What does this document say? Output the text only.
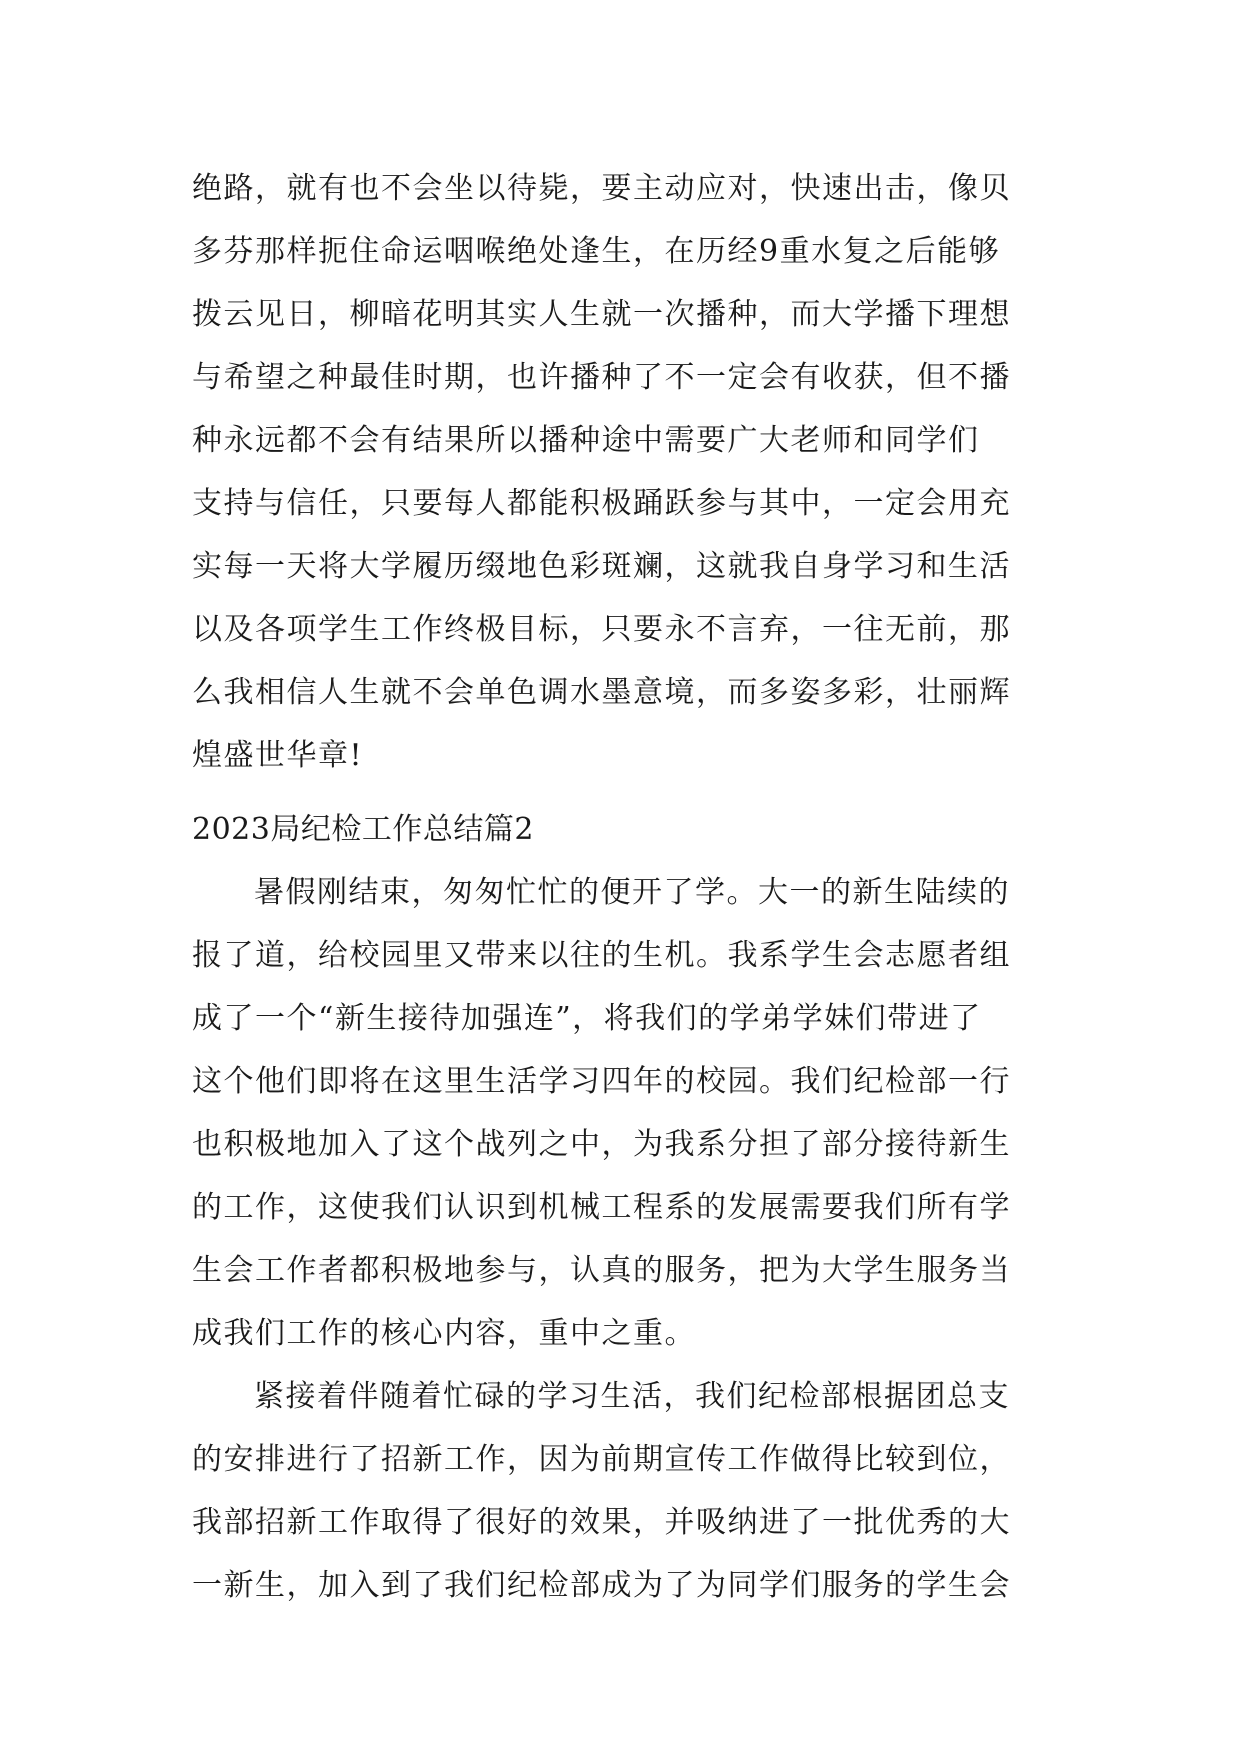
绝路，就有也不会坐以待毙，要主动应对，快速出击，像贝
多芬那样扼住命运咽喉绝处逢生，在历经9重水复之后能够
拨云见日，柳暗花明其实人生就一次播种，而大学播下理想
与希望之种最佳时期，也许播种了不一定会有收获，但不播
种永远都不会有结果所以播种途中需要广大老师和同学们
支持与信任，只要每人都能积极踊跃参与其中，一定会用充
实每一天将大学履历缀地色彩斑斓，这就我自身学习和生活
以及各项学生工作终极目标，只要永不言弃，一往无前，那
么我相信人生就不会单色调水墨意境，而多姿多彩，壮丽辉
煌盛世华章!
2023局纪检工作总结篇2
暑假刚结束，匆匆忙忙的便开了学。大一的新生陆续的
报了道，给校园里又带来以往的生机。我系学生会志愿者组
成了一个“新生接待加强连”，将我们的学弟学妹们带进了
这个他们即将在这里生活学习四年的校园。我们纪检部一行
也积极地加入了这个战列之中，为我系分担了部分接待新生
的工作，这使我们认识到机械工程系的发展需要我们所有学
生会工作者都积极地参与，认真的服务，把为大学生服务当
成我们工作的核心内容，重中之重。
紧接着伴随着忙碌的学习生活，我们纪检部根据团总支
的安排进行了招新工作，因为前期宣传工作做得比较到位，
我部招新工作取得了很好的效果，并吸纳进了一批优秀的大
一新生，加入到了我们纪检部成为了为同学们服务的学生会
